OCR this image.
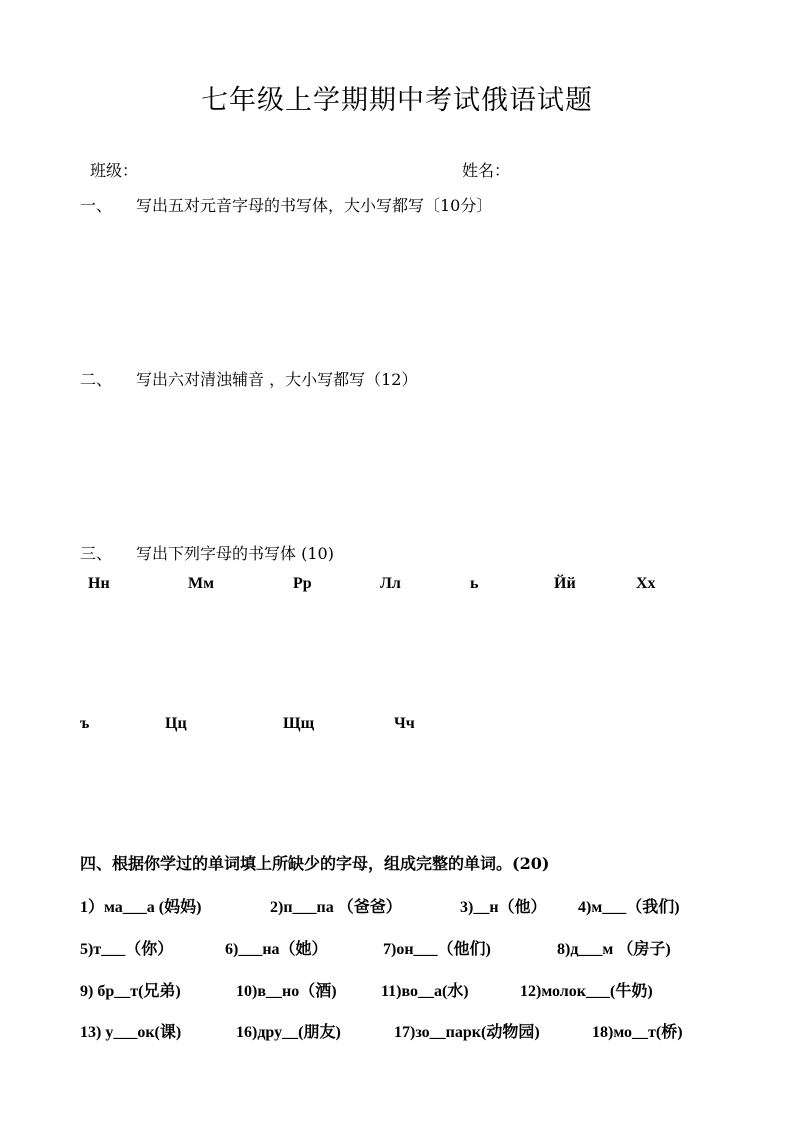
七年级上学期期中考试俄语试题
班级：	姓名：
一、 写出五对元音字母的书写体，大小写都写〔10分〕
二、 写出六对清浊辅音 ，大小写都写（12）
三、 写出下列字母的书写体 (10)
Нн	Мм	Рр	Лл	ь	Йй	Хх
ъ	Цц	Щщ	Чч
四、根据你学过的单词填上所缺少的字母，组成完整的单词。(20)
1）ма___а (妈妈)	2)п___па （爸爸）	3)__н（他） 4)м___（我们)
5)т___（你）	6)___на（她）	7)он___（他们)	8)д___м （房子)
9) бр__т(兄弟)	10)в__но（酒)	11)во__а(水)	12)молок___(牛奶)
13) у___ок(课)	16)дру__(朋友)	17)зо__парк(动物园)	18)мо__т(桥)
